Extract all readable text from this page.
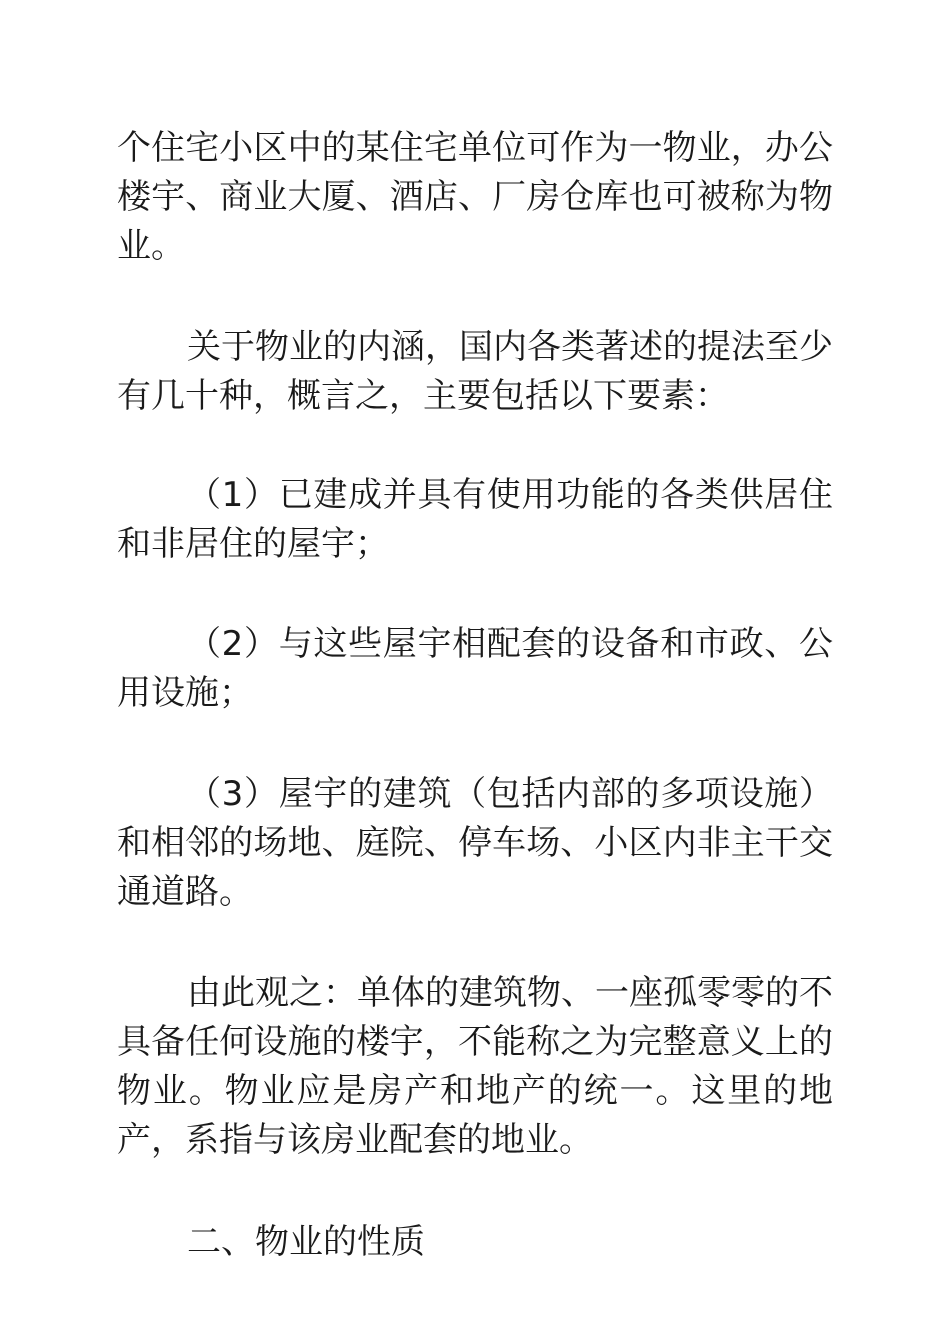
个住宅小区中的某住宅单位可作为一物业，办公楼宇、商业大厦、酒店、厂房仓库也可被称为物业。

关于物业的内涵，国内各类著述的提法至少有几十种，概言之，主要包括以下要素：

（1）已建成并具有使用功能的各类供居住和非居住的屋宇；

（2）与这些屋宇相配套的设备和市政、公用设施；

（3）屋宇的建筑（包括内部的多项设施）和相邻的场地、庭院、停车场、小区内非主干交通道路。

由此观之：单体的建筑物、一座孤零零的不具备任何设施的楼宇，不能称之为完整意义上的物业。物业应是房产和地产的统一。这里的地产，系指与该房业配套的地业。

二、物业的性质
